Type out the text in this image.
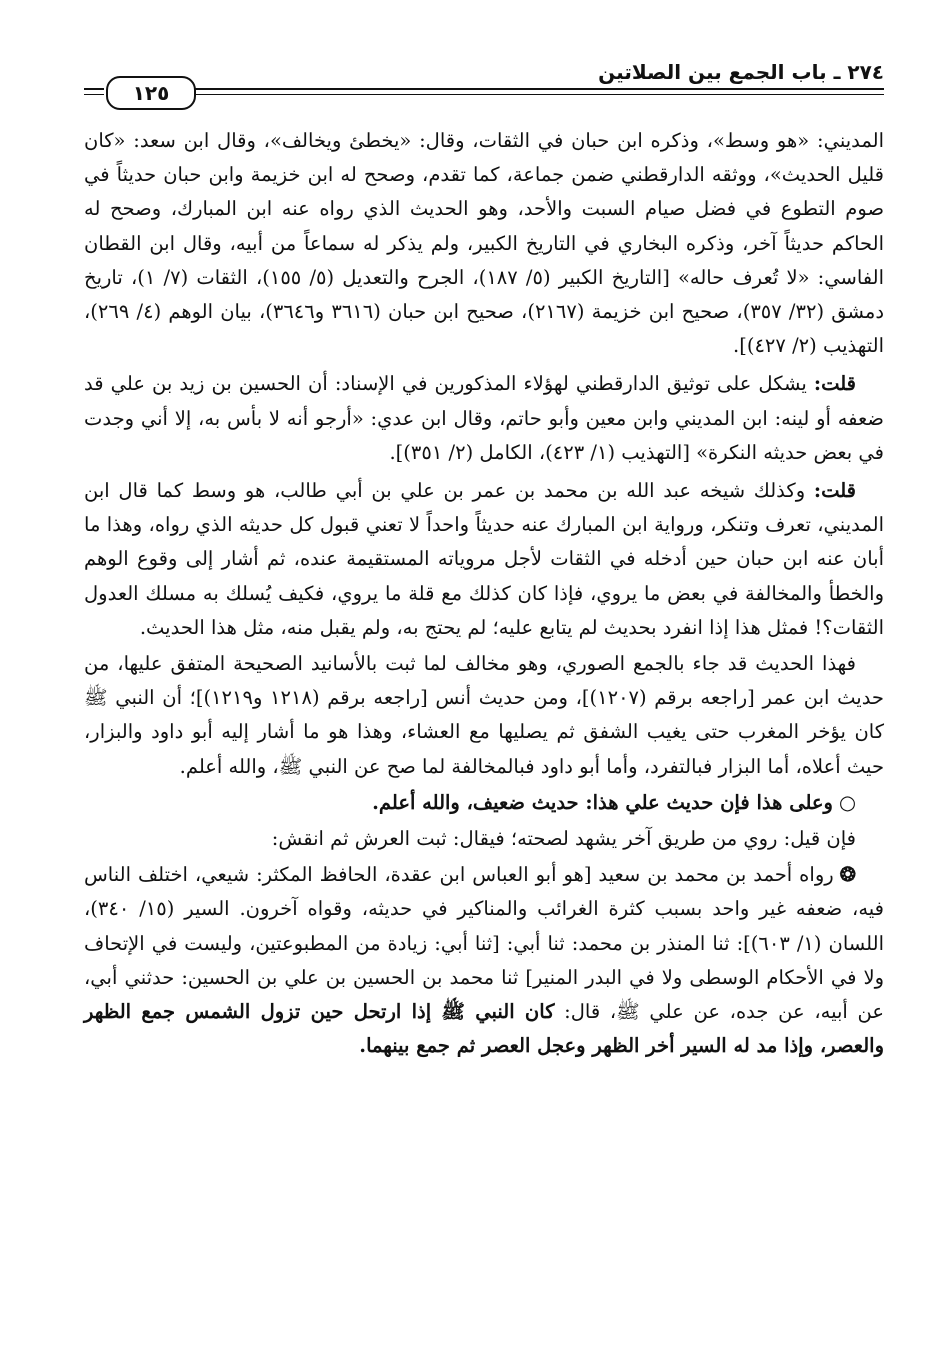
٢٧٤ ـ باب الجمع بين الصلاتين
١٢٥

المديني: «هو وسط»، وذكره ابن حبان في الثقات، وقال: «يخطئ ويخالف»، وقال ابن سعد: «كان قليل الحديث»، ووثقه الدارقطني ضمن جماعة، كما تقدم، وصحح له ابن خزيمة وابن حبان حديثاً في صوم التطوع في فضل صيام السبت والأحد، وهو الحديث الذي رواه عنه ابن المبارك، وصحح له الحاكم حديثاً آخر، وذكره البخاري في التاريخ الكبير، ولم يذكر له سماعاً من أبيه، وقال ابن القطان الفاسي: «لا تُعرف حاله» [التاريخ الكبير (٥/ ١٨٧)، الجرح والتعديل (٥/ ١٥٥)، الثقات (٧/ ١)، تاريخ دمشق (٣٢/ ٣٥٧)، صحيح ابن خزيمة (٢١٦٧)، صحيح ابن حبان (٣٦١٦ و٣٦٤٦)، بيان الوهم (٤/ ٢٦٩)، التهذيب (٢/ ٤٢٧)].

قلت: يشكل على توثيق الدارقطني لهؤلاء المذكورين في الإسناد: أن الحسين بن زيد بن علي قد ضعفه أو لينه: ابن المديني وابن معين وأبو حاتم، وقال ابن عدي: «أرجو أنه لا بأس به، إلا أني وجدت في بعض حديثه النكرة» [التهذيب (١/ ٤٢٣)، الكامل (٢/ ٣٥١)].

قلت: وكذلك شيخه عبد الله بن محمد بن عمر بن علي بن أبي طالب، هو وسط كما قال ابن المديني، تعرف وتنكر، ورواية ابن المبارك عنه حديثاً واحداً لا تعني قبول كل حديثه الذي رواه، وهذا ما أبان عنه ابن حبان حين أدخله في الثقات لأجل مروياته المستقيمة عنده، ثم أشار إلى وقوع الوهم والخطأ والمخالفة في بعض ما يروي، فإذا كان كذلك مع قلة ما يروي، فكيف يُسلك به مسلك العدول الثقات؟! فمثل هذا إذا انفرد بحديث لم يتابع عليه؛ لم يحتج به، ولم يقبل منه، مثل هذا الحديث.

فهذا الحديث قد جاء بالجمع الصوري، وهو مخالف لما ثبت بالأسانيد الصحيحة المتفق عليها، من حديث ابن عمر [راجعه برقم (١٢٠٧)]، ومن حديث أنس [راجعه برقم (١٢١٨ و١٢١٩)]؛ أن النبي ﷺ كان يؤخر المغرب حتى يغيب الشفق ثم يصليها مع العشاء، وهذا هو ما أشار إليه أبو داود والبزار، حيث أعلاه، أما البزار فبالتفرد، وأما أبو داود فبالمخالفة لما صح عن النبي ﷺ، والله أعلم.

○وعلى هذا فإن حديث علي هذا: حديث ضعيف، والله أعلم.

فإن قيل: روي من طريق آخر يشهد لصحته؛ فيقال: ثبت العرش ثم انقش:

❂رواه أحمد بن محمد بن سعيد [هو أبو العباس ابن عقدة، الحافظ المكثر: شيعي، اختلف الناس فيه، ضعفه غير واحد بسبب كثرة الغرائب والمناكير في حديثه، وقواه آخرون. السير (١٥/ ٣٤٠)، اللسان (١/ ٦٠٣)]: ثنا المنذر بن محمد: ثنا أبي: [ثنا أبي: زيادة من المطبوعتين، وليست في الإتحاف ولا في الأحكام الوسطى ولا في البدر المنير] ثنا محمد بن الحسين بن علي بن الحسين: حدثني أبي، عن أبيه، عن جده، عن علي ﷺ، قال: كان النبي ﷺ إذا ارتحل حين تزول الشمس جمع الظهر والعصر، وإذا مد له السير أخر الظهر وعجل العصر ثم جمع بينهما.
